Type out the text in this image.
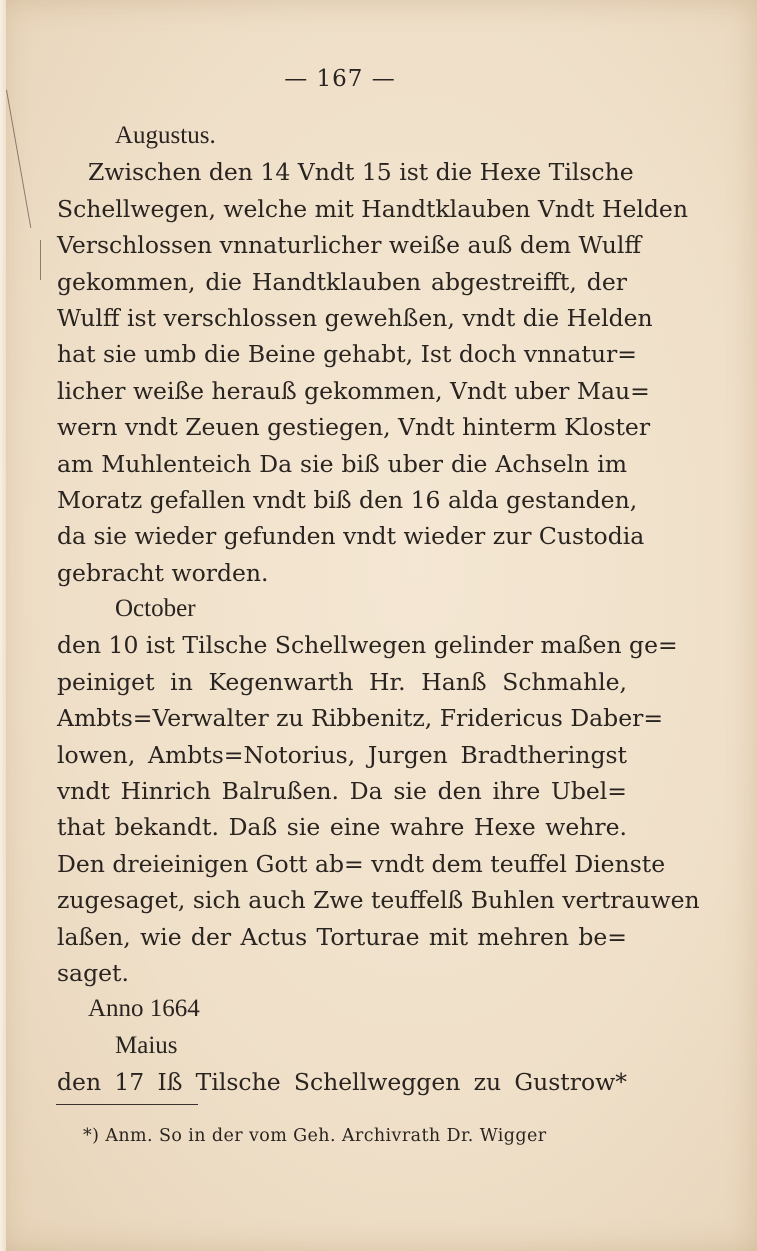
— 167 —
Augustus.
Zwischen den 14 Vndt 15 ist die Hexe Tilsche
Schellwegen, welche mit Handtklauben Vndt Helden
Verschlossen vnnaturlicher weiße auß dem Wulff
gekommen, die Handtklauben abgestreifft, der
Wulff ist verschlossen gewehßen, vndt die Helden
hat sie umb die Beine gehabt, Ist doch vnnatur=
licher weiße herauß gekommen, Vndt uber Mau=
wern vndt Zeuen gestiegen, Vndt hinterm Kloster
am Muhlenteich Da sie biß uber die Achseln im
Moratz gefallen vndt biß den 16 alda gestanden,
da sie wieder gefunden vndt wieder zur Custodia
gebracht worden.
October
den 10 ist Tilsche Schellwegen gelinder maßen ge=
peiniget in Kegenwarth Hr. Hanß Schmahle,
Ambts=Verwalter zu Ribbenitz, Fridericus Daber=
lowen, Ambts=Notorius, Jurgen Bradtheringst
vndt Hinrich Balrußen. Da sie den ihre Ubel=
that bekandt. Daß sie eine wahre Hexe wehre.
Den dreieinigen Gott ab= vndt dem teuffel Dienste
zugesaget, sich auch Zwe teuffelß Buhlen vertrauwen
laßen, wie der Actus Torturae mit mehren be=
saget.
Anno 1664
Maius
den 17 Iß Tilsche Schellweggen zu Gustrow*
*) Anm. So in der vom Geh. Archivrath Dr. Wigger
